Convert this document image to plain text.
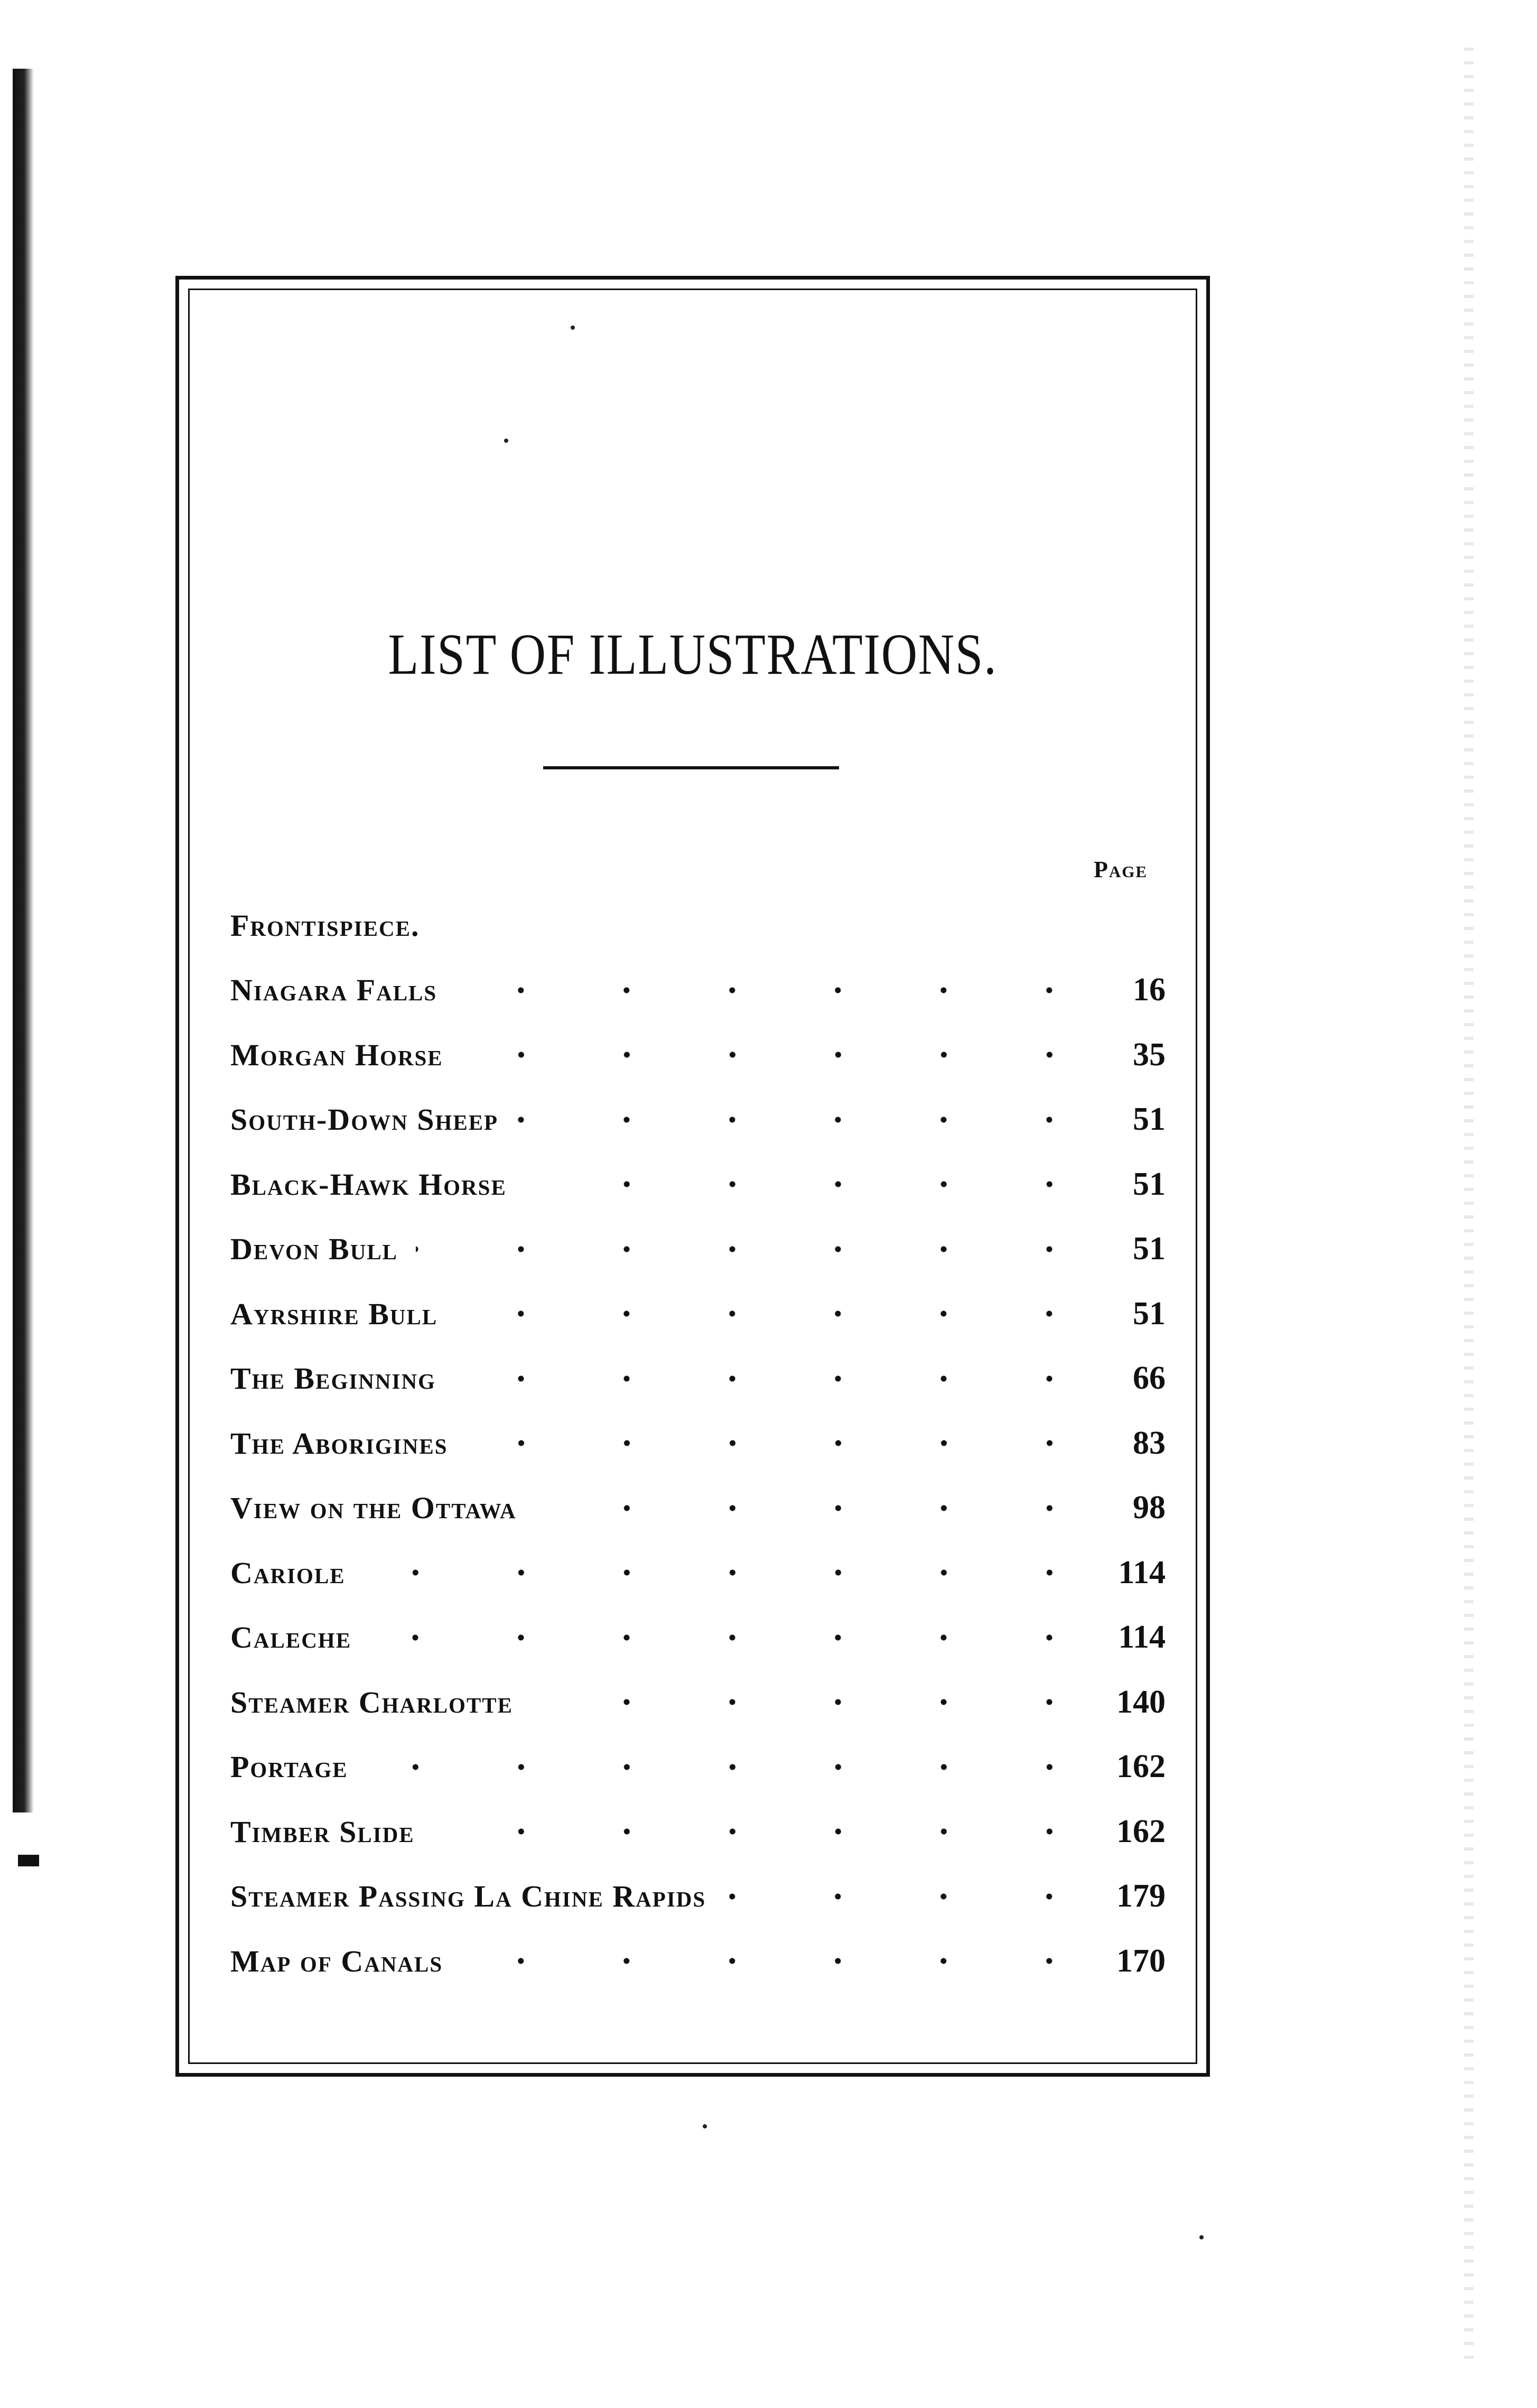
LIST OF ILLUSTRATIONS.
Page
Frontispiece.
Niagara Falls	16
Morgan Horse	35
South-Down Sheep	51
Black-Hawk Horse	51
Devon Bull	51
Ayrshire Bull	51
The Beginning	66
The Aborigines	83
View on the Ottawa	98
Cariole	114
Caleche	114
Steamer Charlotte	140
Portage	162
Timber Slide	162
Steamer Passing La Chine Rapids	179
Map of Canals	170
